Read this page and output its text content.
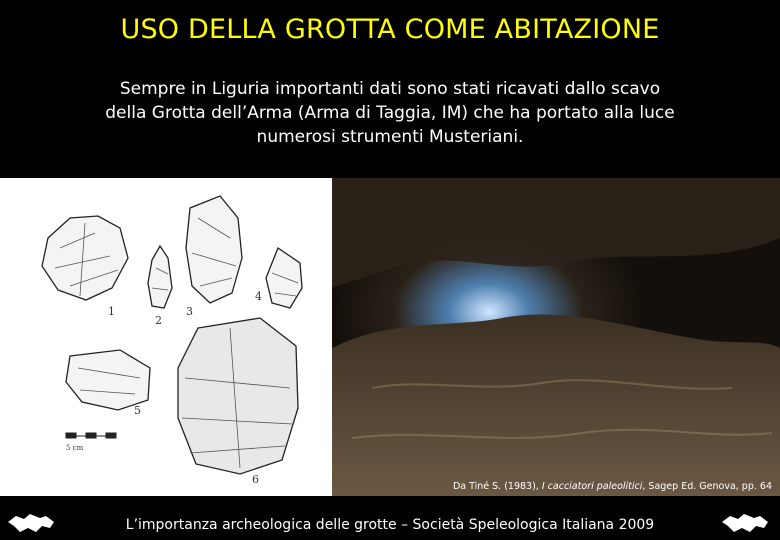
USO DELLA GROTTA COME ABITAZIONE
Sempre in Liguria importanti dati sono stati ricavati dallo scavo
della Grotta dell’Arma (Arma di Taggia, IM) che ha portato alla luce
numerosi strumenti Musteriani.
1
2
3
4
5
6
5 cm
Da Tiné S. (1983), I cacciatori paleolitici, Sagep Ed. Genova, pp. 64
L’importanza archeologica delle grotte – Società Speleologica Italiana 2009
